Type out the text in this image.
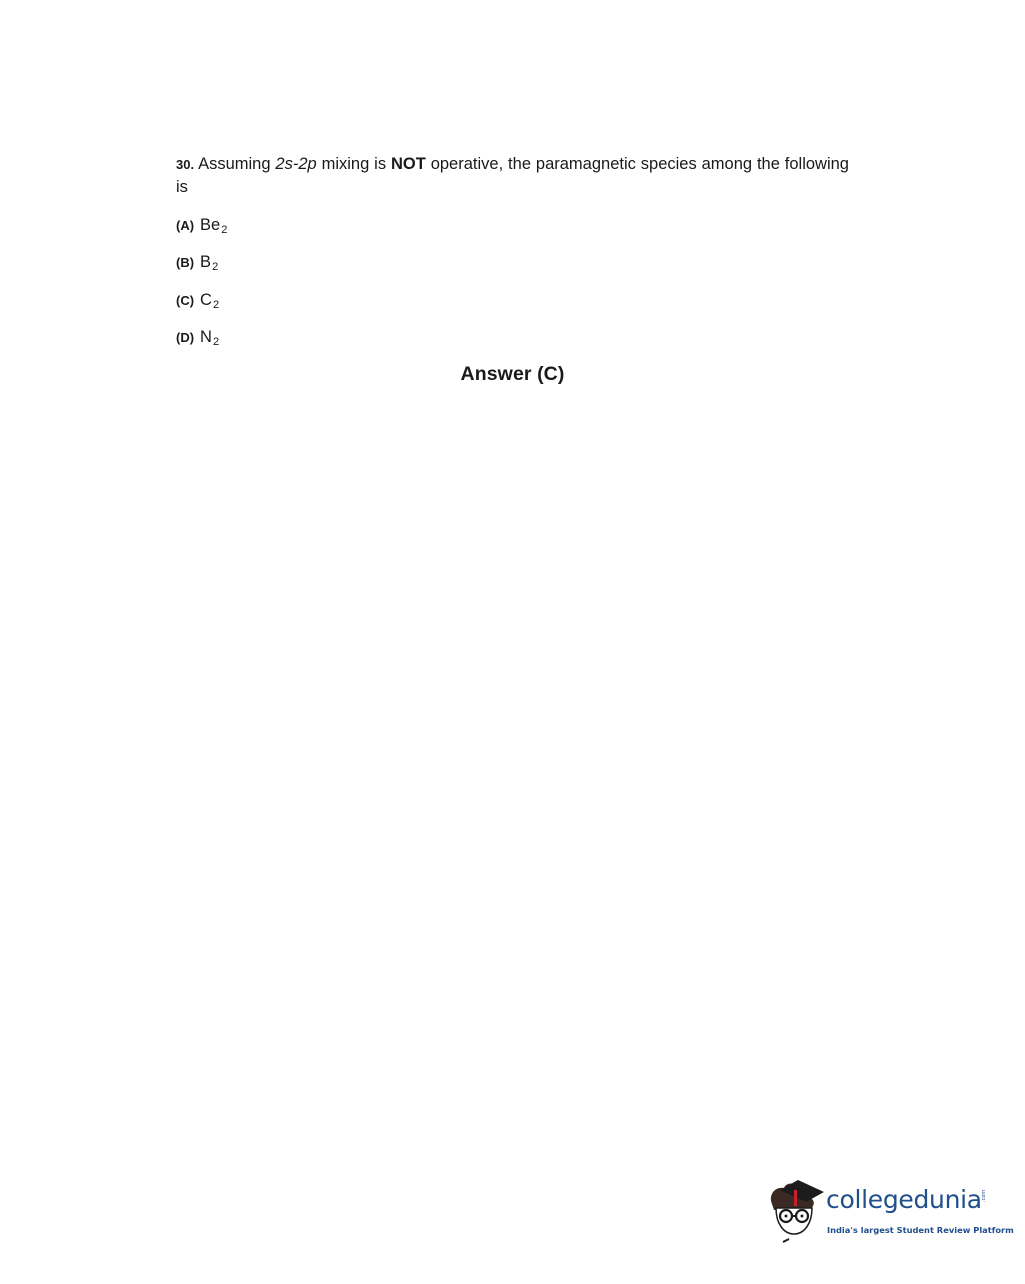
30. Assuming 2s-2p mixing is NOT operative, the paramagnetic species among the following is
(A) Be2
(B) B2
(C) C2
(D) N2
Answer (C)
collegedunia .com
India's largest Student Review Platform
